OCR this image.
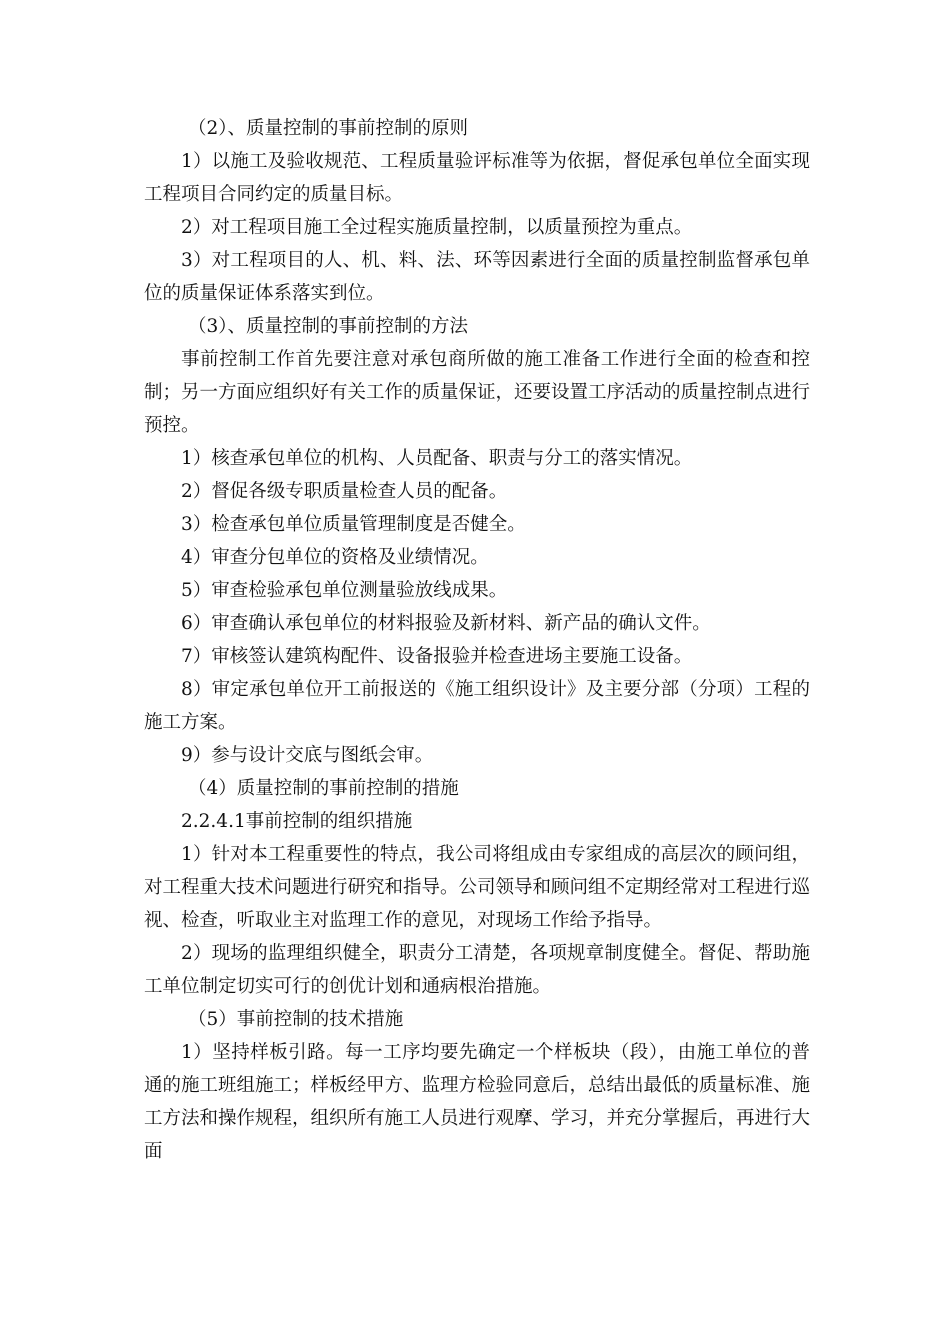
（2）、质量控制的事前控制的原则

1）以施工及验收规范、工程质量验评标准等为依据，督促承包单位全面实现工程项目合同约定的质量目标。

2）对工程项目施工全过程实施质量控制，以质量预控为重点。

3）对工程项目的人、机、料、法、环等因素进行全面的质量控制监督承包单位的质量保证体系落实到位。

（3）、质量控制的事前控制的方法

事前控制工作首先要注意对承包商所做的施工准备工作进行全面的检查和控制；另一方面应组织好有关工作的质量保证，还要设置工序活动的质量控制点进行预控。

1）核查承包单位的机构、人员配备、职责与分工的落实情况。

2）督促各级专职质量检查人员的配备。

3）检查承包单位质量管理制度是否健全。

4）审查分包单位的资格及业绩情况。

5）审查检验承包单位测量验放线成果。

6）审查确认承包单位的材料报验及新材料、新产品的确认文件。

7）审核签认建筑构配件、设备报验并检查进场主要施工设备。

8）审定承包单位开工前报送的《施工组织设计》及主要分部（分项）工程的施工方案。

9）参与设计交底与图纸会审。

（4）质量控制的事前控制的措施

2.2.4.1事前控制的组织措施

1）针对本工程重要性的特点，我公司将组成由专家组成的高层次的顾问组，对工程重大技术问题进行研究和指导。公司领导和顾问组不定期经常对工程进行巡视、检查，听取业主对监理工作的意见，对现场工作给予指导。

2）现场的监理组织健全，职责分工清楚，各项规章制度健全。督促、帮助施工单位制定切实可行的创优计划和通病根治措施。

（5）事前控制的技术措施

1）坚持样板引路。每一工序均要先确定一个样板块（段），由施工单位的普通的施工班组施工；样板经甲方、监理方检验同意后，总结出最低的质量标准、施工方法和操作规程，组织所有施工人员进行观摩、学习，并充分掌握后，再进行大面
